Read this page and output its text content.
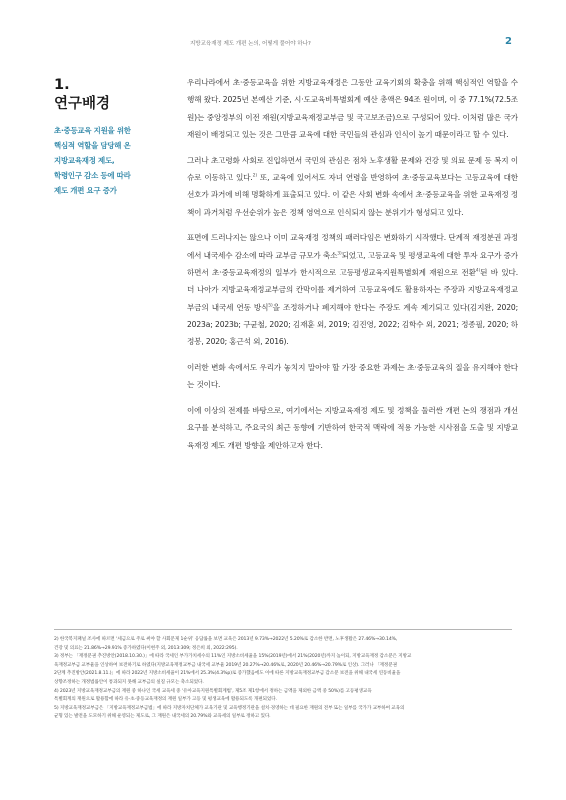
지방교육재정 제도 개편 논의, 어떻게 풀어야 하나?	2
1.
연구배경
초·중등교육 지원을 위한
핵심적 역할을 담당해 온
지방교육재정 제도,
학령인구 감소 등에 따라
제도 개편 요구 증가

우리나라에서 초·중등교육을 위한 지방교육재정은 그동안 교육기회의 확충을 위해 핵심적인 역할을 수행해 왔다. 2025년 본예산 기준, 시·도교육비특별회계 예산 총액은 94조 원이며, 이 중 77.1%(72.5조 원)는 중앙정부의 이전 재원(지방교육재정교부금 및 국고보조금)으로 구성되어 있다. 이처럼 많은 국가 재원이 배정되고 있는 것은 그만큼 교육에 대한 국민들의 관심과 인식이 높기 때문이라고 할 수 있다.

그러나 초고령화 사회로 진입하면서 국민의 관심은 점차 노후생활 문제와 건강 및 의료 문제 등 복지 이슈로 이동하고 있다.$^{2)}$ 또, 교육에 있어서도 자녀 연령을 반영하여 초·중등교육보다는 고등교육에 대한 선호가 과거에 비해 명확하게 표출되고 있다. 이 같은 사회 변화 속에서 초·중등교육을 위한 교육재정 정책이 과거처럼 우선순위가 높은 정책 영역으로 인식되지 않는 분위기가 형성되고 있다.

표면에 드러나지는 않으나 이미 교육재정 정책의 패러다임은 변화하기 시작했다. 단계적 재정분권 과정에서 내국세수 감소에 따라 교부금 규모가 축소$^{3)}$되었고, 고등교육 및 평생교육에 대한 투자 요구가 증가하면서 초·중등교육재정의 일부가 한시적으로 고등평생교육지원특별회계 재원으로 전환$^{4)}$된 바 있다. 더 나아가 지방교육재정교부금의 칸막이를 제거하여 고등교육에도 활용하자는 주장과 지방교육재정교부금의 내국세 연동 방식$^{5)}$을 조정하거나 폐지해야 한다는 주장도 계속 제기되고 있다(김지완, 2020; 2023a; 2023b; 구균철, 2020; 김재훈 외, 2019; 김진영, 2022; 김학수 외, 2021; 정종필, 2020; 하정봉, 2020; 홍근석 외, 2016).

이러한 변화 속에서도 우리가 놓치지 말아야 할 가장 중요한 과제는 초·중등교육의 질을 유지해야 한다는 것이다.

이에 이상의 전제를 바탕으로, 여기에서는 지방교육재정 제도 및 정책을 둘러싼 개편 논의 쟁점과 개선 요구를 분석하고, 주요국의 최근 동향에 기반하여 한국적 맥락에 적용 가능한 시사점을 도출 및 지방교육재정 제도 개편 방향을 제안하고자 한다.

2) 한국복지패널 조사에 따르면 ‘세금으로 주로 써야 할 사회문제 1순위’ 응답률을 보면 교육은 2013년 9.73%→2022년 5.20%로 감소한 반면, 노후생활은 27.46%→30.14%,
건강 및 의료는 21.86%→29.91% 증가하였다(이현주 외, 2013:309; 정은희 외, 2022:295).
3) 정부는 「재정분권 추진방안(2018.10.30.)」에 따라 국세인 부가가치세수의 11%인 지방소비세율을 15%(2019년)에서 21%(2020년)까지 높이되, 지방교육재정 감소분은 지방교
육재정교부금 교부율을 인상하여 보전하기로 하였다(지방교육재정교부금 내국세 교부율 2019년 20.27%→20.46%로, 2020년 20.46%→20.79%로 인상). 그러나 「재정분권
2단계 추진방안(2021.8.11.)」에 따라 2022년 지방소비세율이 21%에서 25.3%(4.3%p)로 증가했음에도 이에 따른 지방교육재정교부금 감소분 보전을 위해 내국세 연동비율을
상향조정하는 개정법률안이 통과되지 못해 교부금의 실질 규모는 축소되었다.
4) 2023년 지방교육재정교부금의 재원 중 하나인 국세 교육세 중 ‘유아교육지원특별회계법’, 제5조 제1항에서 정하는 금액을 제외한 금액 중 50%)를 고등평생교육
특별회계의 재원으로 활용함에 따라 유·초·중등교육재정의 재원 일부가 고등 및 평생교육에 활용되도록 개편되었다.
5) 지방교육재정교부금은 「지방교육재정교부금법」에 따라 지방자치단체가 교육기관 및 교육행정기관을 설치·경영하는 데 필요한 재원의 전부 또는 일부를 국가가 교부하여 교육의
균형 있는 발전을 도모하기 위해 운영되는 제도로, 그 재원은 내국세의 20.79%와 교육세의 일부로 정하고 있다.
